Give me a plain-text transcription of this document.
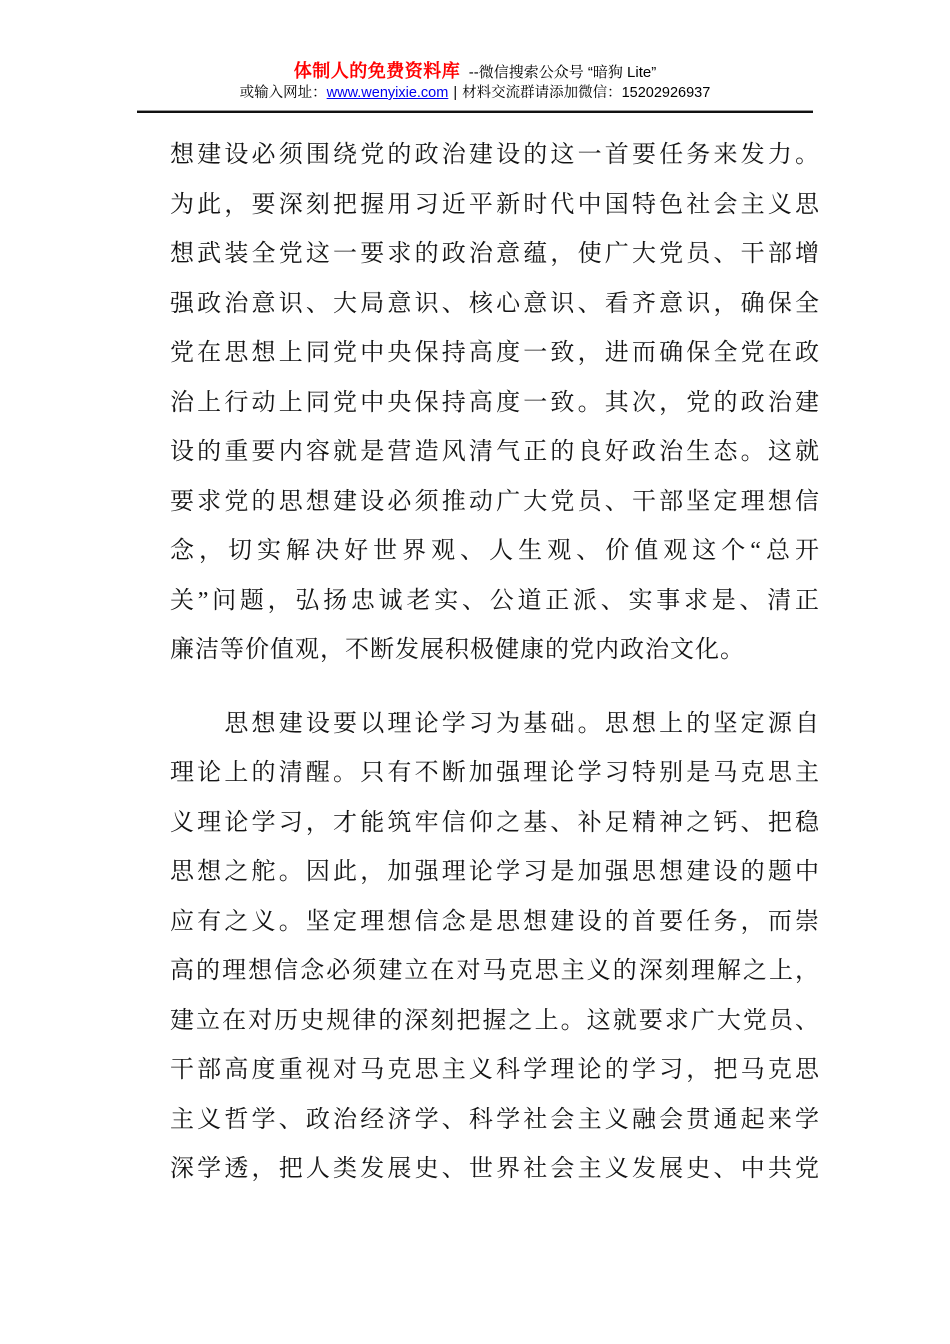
体制人的免费资料库 --微信搜索公众号 “暗狗 Lite”
或输入网址：www.wenyixie.com | 材料交流群请添加微信：15202926937
想建设必须围绕党的政治建设的这一首要任务来发力。
为此，要深刻把握用习近平新时代中国特色社会主义思
想武装全党这一要求的政治意蕴，使广大党员、干部增
强政治意识、大局意识、核心意识、看齐意识，确保全
党在思想上同党中央保持高度一致，进而确保全党在政
治上行动上同党中央保持高度一致。其次，党的政治建
设的重要内容就是营造风清气正的良好政治生态。这就
要求党的思想建设必须推动广大党员、干部坚定理想信
念，切实解决好世界观、人生观、价值观这个“总开
关”问题，弘扬忠诚老实、公道正派、实事求是、清正
廉洁等价值观，不断发展积极健康的党内政治文化。
　　思想建设要以理论学习为基础。思想上的坚定源自
理论上的清醒。只有不断加强理论学习特别是马克思主
义理论学习，才能筑牢信仰之基、补足精神之钙、把稳
思想之舵。因此，加强理论学习是加强思想建设的题中
应有之义。坚定理想信念是思想建设的首要任务，而崇
高的理想信念必须建立在对马克思主义的深刻理解之上，
建立在对历史规律的深刻把握之上。这就要求广大党员、
干部高度重视对马克思主义科学理论的学习，把马克思
主义哲学、政治经济学、科学社会主义融会贯通起来学
深学透，把人类发展史、世界社会主义发展史、中共党
